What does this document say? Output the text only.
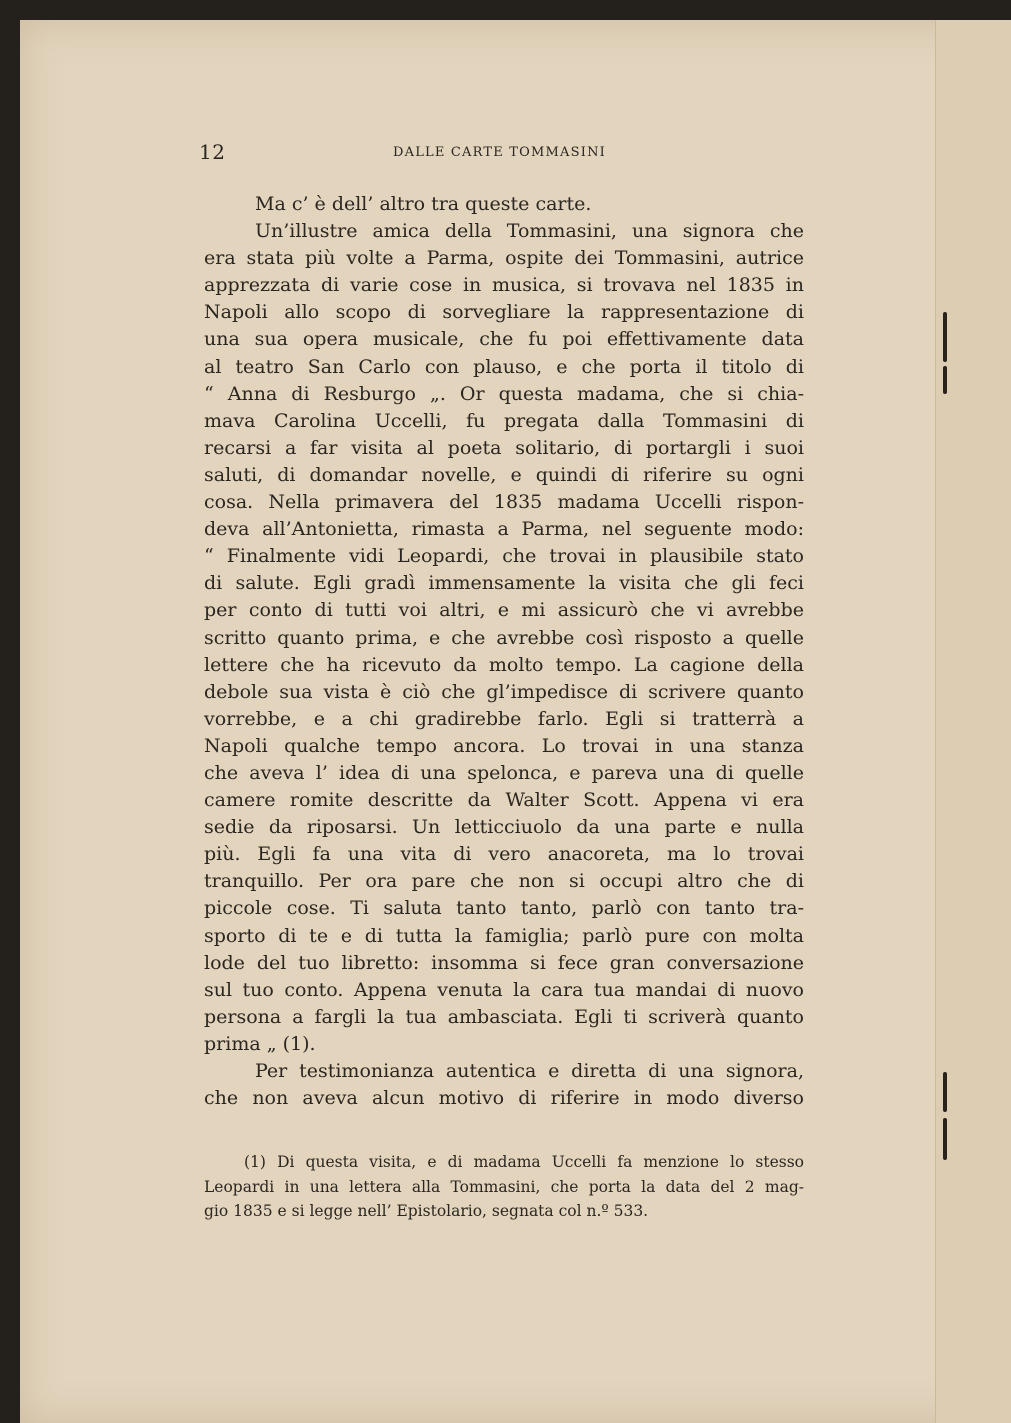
12	DALLE CARTE TOMMASINI
Ma c’ è dell’ altro tra queste carte.
Un’illustre amica della Tommasini, una signora che
era stata più volte a Parma, ospite dei Tommasini, autrice
apprezzata di varie cose in musica, si trovava nel 1835 in
Napoli allo scopo di sorvegliare la rappresentazione di
una sua opera musicale, che fu poi effettivamente data
al teatro San Carlo con plauso, e che porta il titolo di
“ Anna di Resburgo „. Or questa madama, che si chia-
mava Carolina Uccelli, fu pregata dalla Tommasini di
recarsi a far visita al poeta solitario, di portargli i suoi
saluti, di domandar novelle, e quindi di riferire su ogni
cosa. Nella primavera del 1835 madama Uccelli rispon-
deva all’Antonietta, rimasta a Parma, nel seguente modo:
“ Finalmente vidi Leopardi, che trovai in plausibile stato
di salute. Egli gradì immensamente la visita che gli feci
per conto di tutti voi altri, e mi assicurò che vi avrebbe
scritto quanto prima, e che avrebbe così risposto a quelle
lettere che ha ricevuto da molto tempo. La cagione della
debole sua vista è ciò che gl’impedisce di scrivere quanto
vorrebbe, e a chi gradirebbe farlo. Egli si tratterrà a
Napoli qualche tempo ancora. Lo trovai in una stanza
che aveva l’ idea di una spelonca, e pareva una di quelle
camere romite descritte da Walter Scott. Appena vi era
sedie da riposarsi. Un letticciuolo da una parte e nulla
più. Egli fa una vita di vero anacoreta, ma lo trovai
tranquillo. Per ora pare che non si occupi altro che di
piccole cose. Ti saluta tanto tanto, parlò con tanto tra-
sporto di te e di tutta la famiglia; parlò pure con molta
lode del tuo libretto: insomma si fece gran conversazione
sul tuo conto. Appena venuta la cara tua mandai di nuovo
persona a fargli la tua ambasciata. Egli ti scriverà quanto
prima „ (1).
Per testimonianza autentica e diretta di una signora,
che non aveva alcun motivo di riferire in modo diverso
(1) Di questa visita, e di madama Uccelli fa menzione lo stesso
Leopardi in una lettera alla Tommasini, che porta la data del 2 mag-
gio 1835 e si legge nell’ Epistolario, segnata col n.º 533.
